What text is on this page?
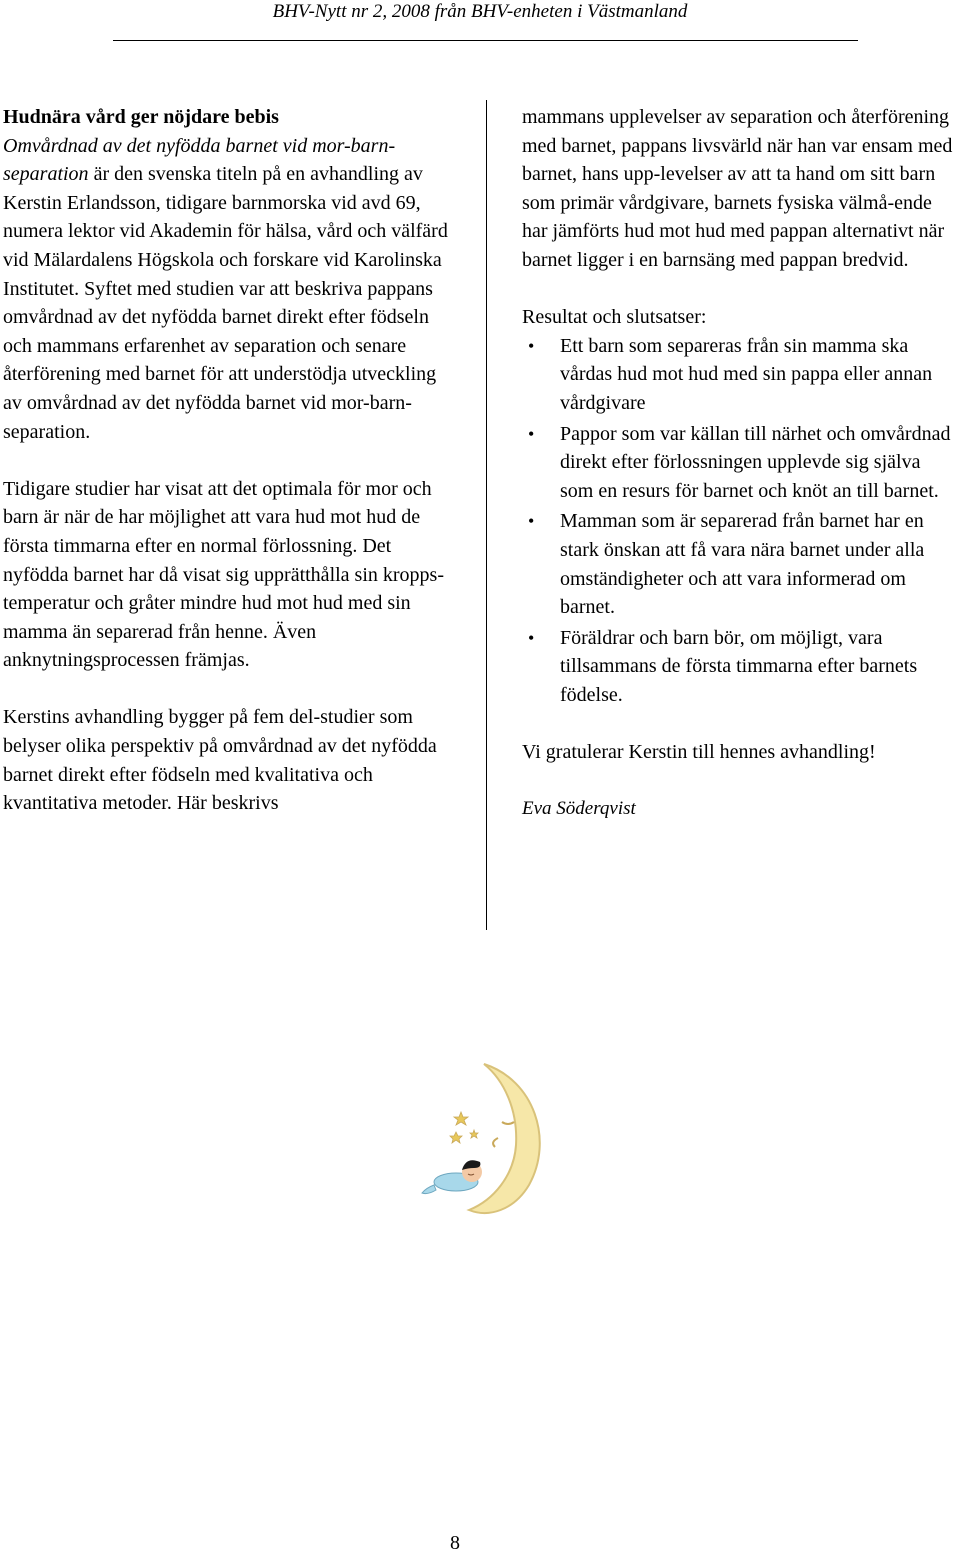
BHV-Nytt nr 2, 2008 från BHV-enheten i Västmanland

Hudnära vård ger nöjdare bebis
Omvårdnad av det nyfödda barnet vid mor-barn-separation är den svenska titeln på en avhandling av Kerstin Erlandsson, tidigare barnmorska vid avd 69, numera lektor vid Akademin för hälsa, vård och välfärd vid Mälardalens Högskola och forskare vid Karolinska Institutet. Syftet med studien var att beskriva pappans omvårdnad av det nyfödda barnet direkt efter födseln och mammans erfarenhet av separation och senare återförening med barnet för att understödja utveckling av omvårdnad av det nyfödda barnet vid mor-barn-separation.

Tidigare studier har visat att det optimala för mor och barn är när de har möjlighet att vara hud mot hud de första timmarna efter en normal förlossning. Det nyfödda barnet har då visat sig upprätthålla sin kropps-temperatur och gråter mindre hud mot hud med sin mamma än separerad från henne. Även anknytningsprocessen främjas.

Kerstins avhandling bygger på fem del-studier som belyser olika perspektiv på omvårdnad av det nyfödda barnet direkt efter födseln med kvalitativa och kvantitativa metoder. Här beskrivs

mammans upplevelser av separation och återförening med barnet, pappans livsvärld när han var ensam med barnet, hans upp-levelser av att ta hand om sitt barn som primär vårdgivare, barnets fysiska välmå-ende har jämförts hud mot hud med pappan alternativt när barnet ligger i en barnsäng med pappan bredvid.

Resultat och slutsatser:
• Ett barn som separeras från sin mamma ska vårdas hud mot hud med sin pappa eller annan vårdgivare
• Pappor som var källan till närhet och omvårdnad direkt efter förlossningen upplevde sig själva som en resurs för barnet och knöt an till barnet.
• Mamman som är separerad från barnet har en stark önskan att få vara nära barnet under alla omständigheter och att vara informerad om barnet.
• Föräldrar och barn bör, om möjligt, vara tillsammans de första timmarna efter barnets födelse.

Vi gratulerar Kerstin till hennes avhandling!

Eva Söderqvist

8
